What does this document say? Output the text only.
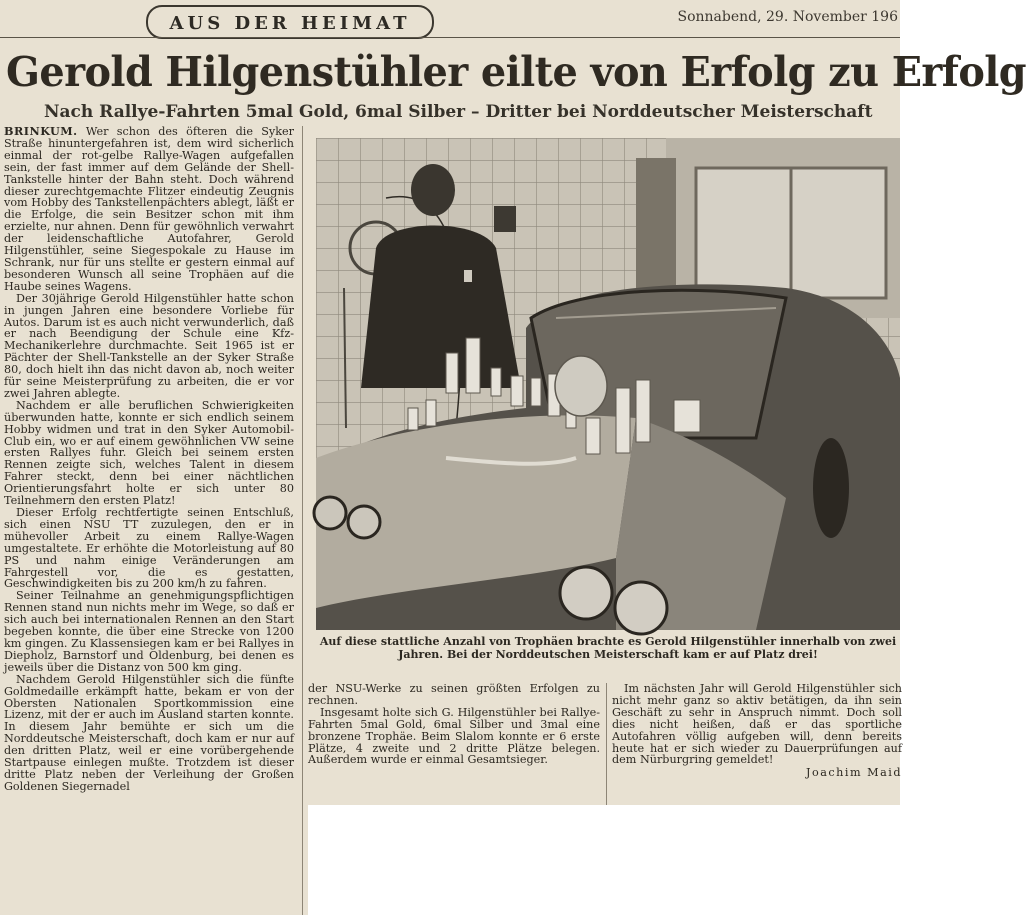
AUS DER HEIMAT	Sonnabend, 29. November 196
Gerold Hilgenstühler eilte von Erfolg zu Erfolg
Nach Rallye-Fahrten 5mal Gold, 6mal Silber – Dritter bei Norddeutscher Meisterschaft

BRINKUM. Wer schon des öfteren die Syker Straße hinuntergefahren ist, dem wird sicherlich einmal der rot-gelbe Rallye-Wagen aufgefallen sein, der fast immer auf dem Gelände der Shell-Tankstelle hinter der Bahn steht. Doch während dieser zurechtgemachte Flitzer eindeutig Zeugnis vom Hobby des Tankstellenpächters ablegt, läßt er die Erfolge, die sein Besitzer schon mit ihm erzielte, nur ahnen. Denn für gewöhnlich verwahrt der leidenschaftliche Autofahrer, Gerold Hilgenstühler, seine Siegespokale zu Hause im Schrank, nur für uns stellte er gestern einmal auf besonderen Wunsch all seine Trophäen auf die Haube seines Wagens.

Der 30jährige Gerold Hilgenstühler hatte schon in jungen Jahren eine besondere Vorliebe für Autos. Darum ist es auch nicht verwunderlich, daß er nach Beendigung der Schule eine Kfz-Mechanikerlehre durchmachte. Seit 1965 ist er Pächter der Shell-Tankstelle an der Syker Straße 80, doch hielt ihn das nicht davon ab, noch weiter für seine Meisterprüfung zu arbeiten, die er vor zwei Jahren ablegte.

Nachdem er alle beruflichen Schwierigkeiten überwunden hatte, konnte er sich endlich seinem Hobby widmen und trat in den Syker Automobil-Club ein, wo er auf einem gewöhnlichen VW seine ersten Rallyes fuhr. Gleich bei seinem ersten Rennen zeigte sich, welches Talent in diesem Fahrer steckt, denn bei einer nächtlichen Orientierungsfahrt holte er sich unter 80 Teilnehmern den ersten Platz!

Dieser Erfolg rechtfertigte seinen Entschluß, sich einen NSU TT zuzulegen, den er in mühevoller Arbeit zu einem Rallye-Wagen umgestaltete. Er erhöhte die Motorleistung auf 80 PS und nahm einige Veränderungen am Fahrgestell vor, die es gestatten, Geschwindigkeiten bis zu 200 km/h zu fahren.

Seiner Teilnahme an genehmigungspflichtigen Rennen stand nun nichts mehr im Wege, so daß er sich auch bei internationalen Rennen an den Start begeben konnte, die über eine Strecke von 1200 km gingen. Zu Klassensiegen kam er bei Rallyes in Diepholz, Barnstorf und Oldenburg, bei denen es jeweils über die Distanz von 500 km ging.

Nachdem Gerold Hilgenstühler sich die fünfte Goldmedaille erkämpft hatte, bekam er von der Obersten Nationalen Sportkommission eine Lizenz, mit der er auch im Ausland starten konnte. In diesem Jahr bemühte er sich um die Norddeutsche Meisterschaft, doch kam er nur auf den dritten Platz, weil er eine vorübergehende Startpause einlegen mußte. Trotzdem ist dieser dritte Platz neben der Verleihung der Großen Goldenen Siegernadel

Auf diese stattliche Anzahl von Trophäen brachte es Gerold Hilgenstühler innerhalb von zwei Jahren. Bei der Norddeutschen Meisterschaft kam er auf Platz drei!

der NSU-Werke zu seinen größten Erfolgen zu rechnen.

Insgesamt holte sich G. Hilgenstühler bei Rallye-Fahrten 5mal Gold, 6mal Silber und 3mal eine bronzene Trophäe. Beim Slalom konnte er 6 erste Plätze, 4 zweite und 2 dritte Plätze belegen. Außerdem wurde er einmal Gesamtsieger.

Im nächsten Jahr will Gerold Hilgenstühler sich nicht mehr ganz so aktiv betätigen, da ihn sein Geschäft zu sehr in Anspruch nimmt. Doch soll dies nicht heißen, daß er das sportliche Autofahren völlig aufgeben will, denn bereits heute hat er sich wieder zu Dauerprüfungen auf dem Nürburgring gemeldet!

Joachim Maid
